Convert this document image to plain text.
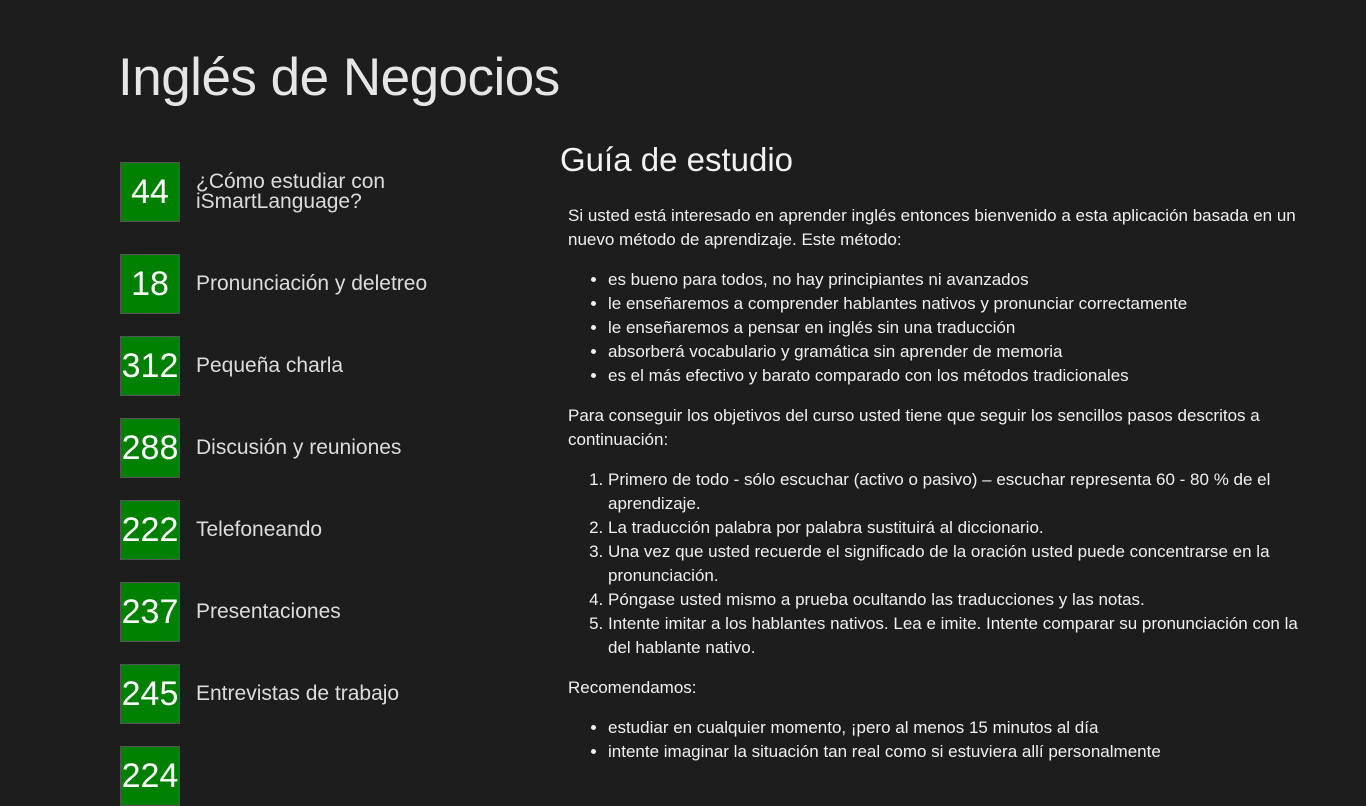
Inglés de Negocios
44	¿Cómo estudiar con iSmartLanguage?
18	Pronunciación y deletreo
312 Pequeña charla
288 Discusión y reuniones
222 Telefoneando
237 Presentaciones
245 Entrevistas de trabajo
224
Guía de estudio

Si usted está interesado en aprender inglés entonces bienvenido a esta aplicación basada en un nuevo método de aprendizaje. Este método:

• es bueno para todos, no hay principiantes ni avanzados
• le enseñaremos a comprender hablantes nativos y pronunciar correctamente
• le enseñaremos a pensar en inglés sin una traducción
• absorberá vocabulario y gramática sin aprender de memoria
• es el más efectivo y barato comparado con los métodos tradicionales

Para conseguir los objetivos del curso usted tiene que seguir los sencillos pasos descritos a continuación:

1. Primero de todo - sólo escuchar (activo o pasivo) – escuchar representa 60 - 80 % de el aprendizaje.
2. La traducción palabra por palabra sustituirá al diccionario.
3. Una vez que usted recuerde el significado de la oración usted puede concentrarse en la pronunciación.
4. Póngase usted mismo a prueba ocultando las traducciones y las notas.
5. Intente imitar a los hablantes nativos. Lea e imite. Intente comparar su pronunciación con la del hablante nativo.

Recomendamos:

• estudiar en cualquier momento, ¡pero al menos 15 minutos al día
• intente imaginar la situación tan real como si estuviera allí personalmente
